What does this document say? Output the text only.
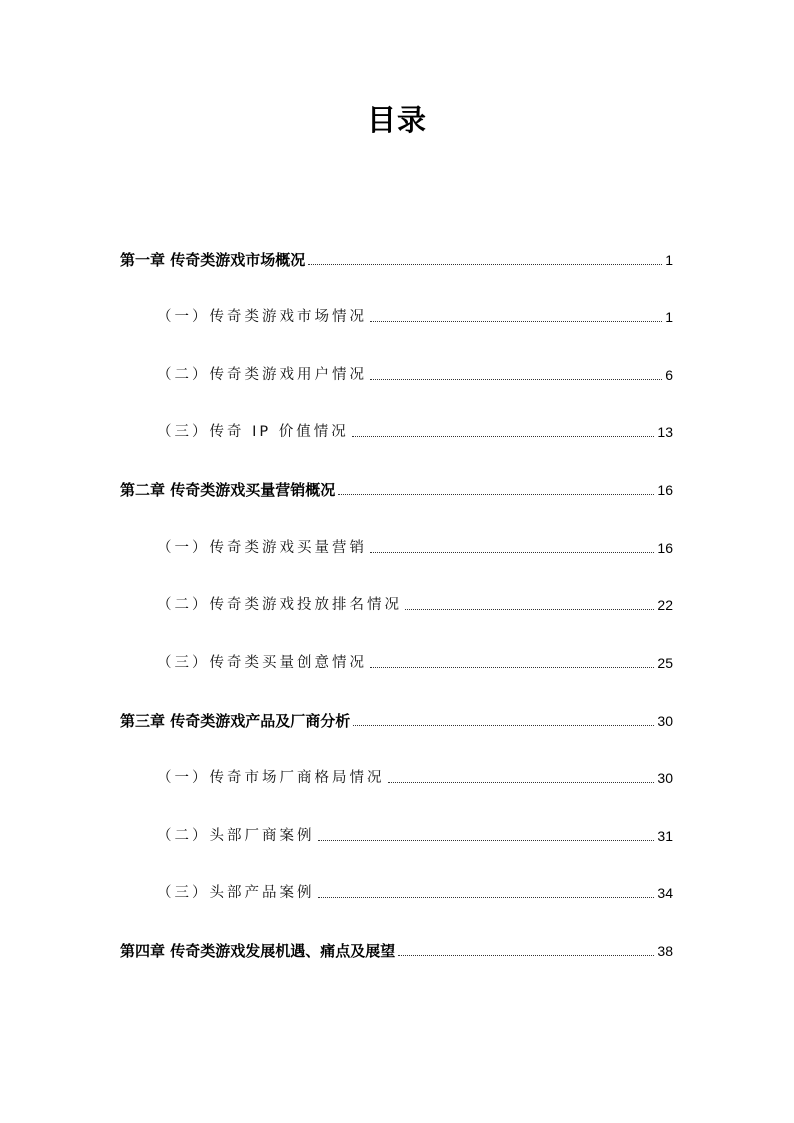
目录
第一章 传奇类游戏市场概况	1
（一）传奇类游戏市场情况	1
（二）传奇类游戏用户情况	6
（三）传奇 IP 价值情况	13
第二章 传奇类游戏买量营销概况	16
（一）传奇类游戏买量营销	16
（二）传奇类游戏投放排名情况	22
（三）传奇类买量创意情况	25
第三章 传奇类游戏产品及厂商分析	30
（一）传奇市场厂商格局情况	30
（二）头部厂商案例	31
（三）头部产品案例	34
第四章 传奇类游戏发展机遇、痛点及展望	38
